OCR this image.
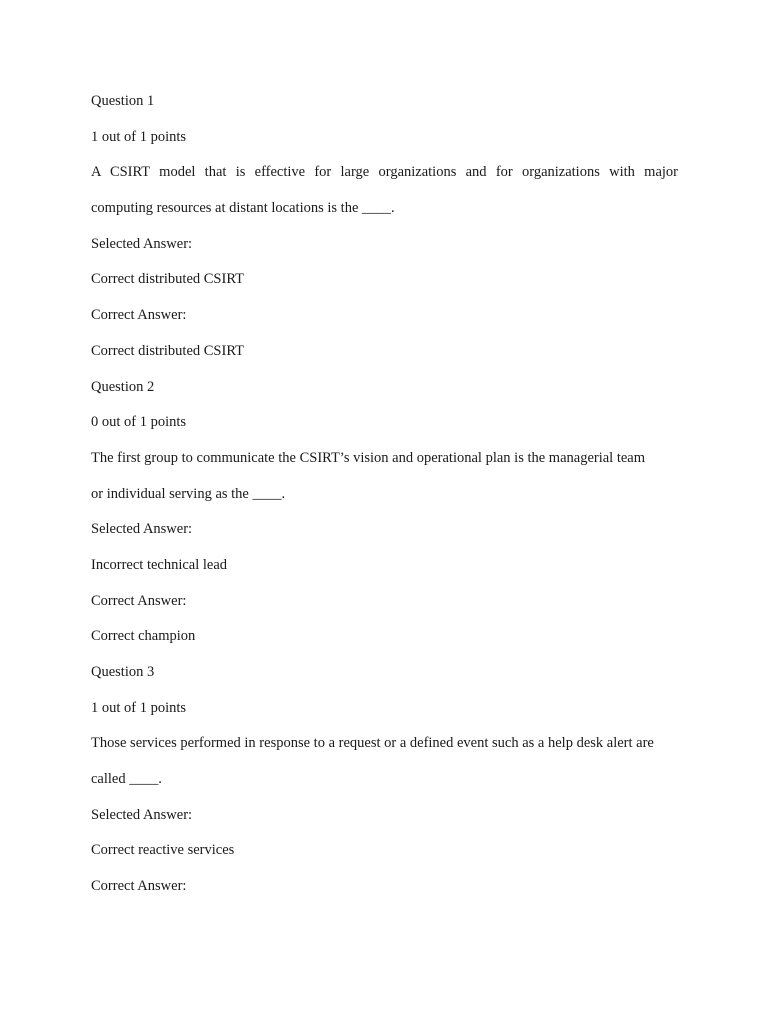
Question 1
1 out of 1 points
A CSIRT model that is effective for large organizations and for organizations with major
computing resources at distant locations is the ____.
Selected Answer:
Correct distributed CSIRT
Correct Answer:
Correct distributed CSIRT
Question 2
0 out of 1 points
The first group to communicate the CSIRT’s vision and operational plan is the managerial team
or individual serving as the ____.
Selected Answer:
Incorrect technical lead
Correct Answer:
Correct champion
Question 3
1 out of 1 points
Those services performed in response to a request or a defined event such as a help desk alert are
called ____.
Selected Answer:
Correct reactive services
Correct Answer:
